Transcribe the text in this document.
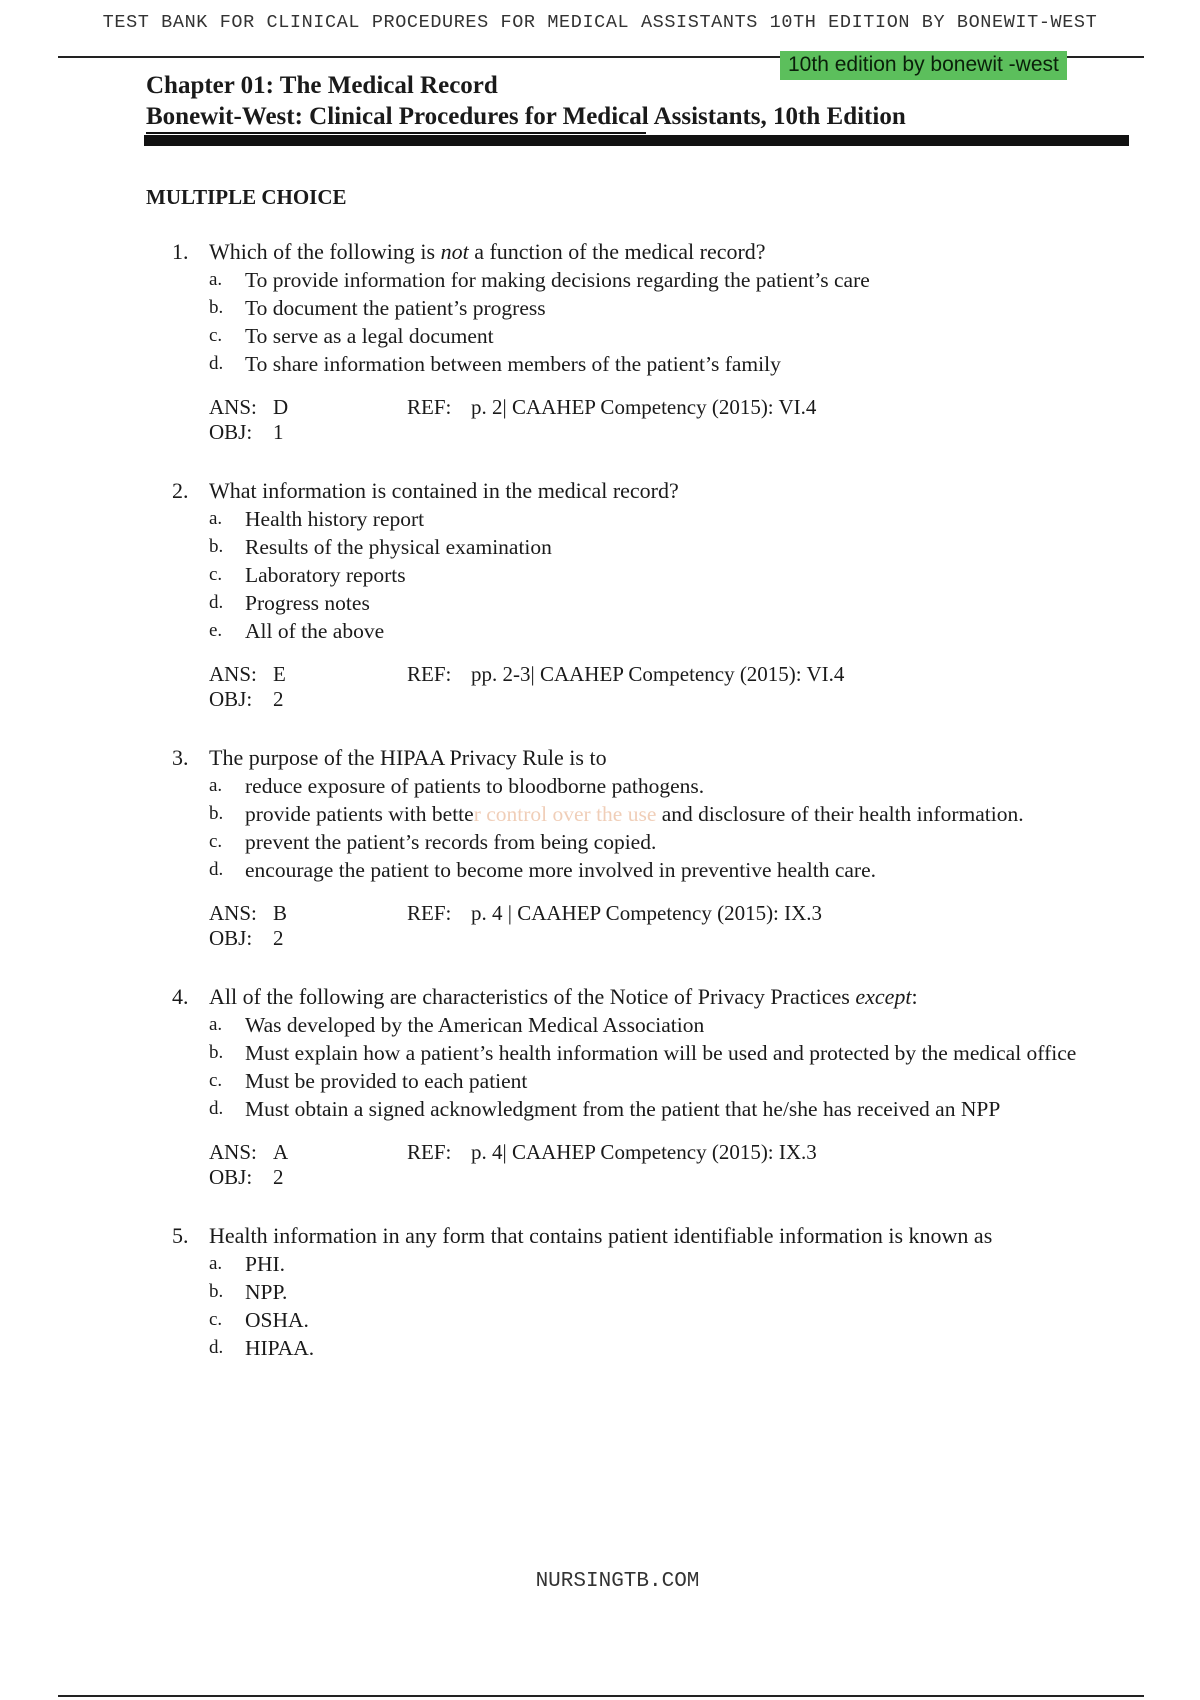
TEST BANK FOR CLINICAL PROCEDURES FOR MEDICAL ASSISTANTS 10TH EDITION BY BONEWIT-WEST
10th edition by bonewit -west
Chapter 01: The Medical Record
Bonewit-West: Clinical Procedures for Medical Assistants, 10th Edition
MULTIPLE CHOICE
1. Which of the following is not a function of the medical record?
a.	To provide information for making decisions regarding the patient’s care
b.	To document the patient’s progress
c.	To serve as a legal document
d.	To share information between members of the patient’s family
ANS: D	REF: p. 2| CAAHEP Competency (2015): VI.4
OBJ: 1
2. What information is contained in the medical record?
a.	Health history report
b.	Results of the physical examination
c.	Laboratory reports
d.	Progress notes
e.	All of the above
ANS: E	REF: pp. 2-3| CAAHEP Competency (2015): VI.4
OBJ: 2
3. The purpose of the HIPAA Privacy Rule is to
a.	reduce exposure of patients to bloodborne pathogens.
b.	provide patients with better control over the use and disclosure of their health information.
c.	prevent the patient’s records from being copied.
d.	encourage the patient to become more involved in preventive health care.
ANS: B	REF: p. 4 | CAAHEP Competency (2015): IX.3
OBJ: 2
4. All of the following are characteristics of the Notice of Privacy Practices except:
a.	Was developed by the American Medical Association
b.	Must explain how a patient’s health information will be used and protected by the medical office
c.	Must be provided to each patient
d.	Must obtain a signed acknowledgment from the patient that he/she has received an NPP
ANS: A	REF: p. 4| CAAHEP Competency (2015): IX.3
OBJ: 2
5. Health information in any form that contains patient identifiable information is known as
a.	PHI.
b.	NPP.
c.	OSHA.
d.	HIPAA.
NURSINGTB.COM
